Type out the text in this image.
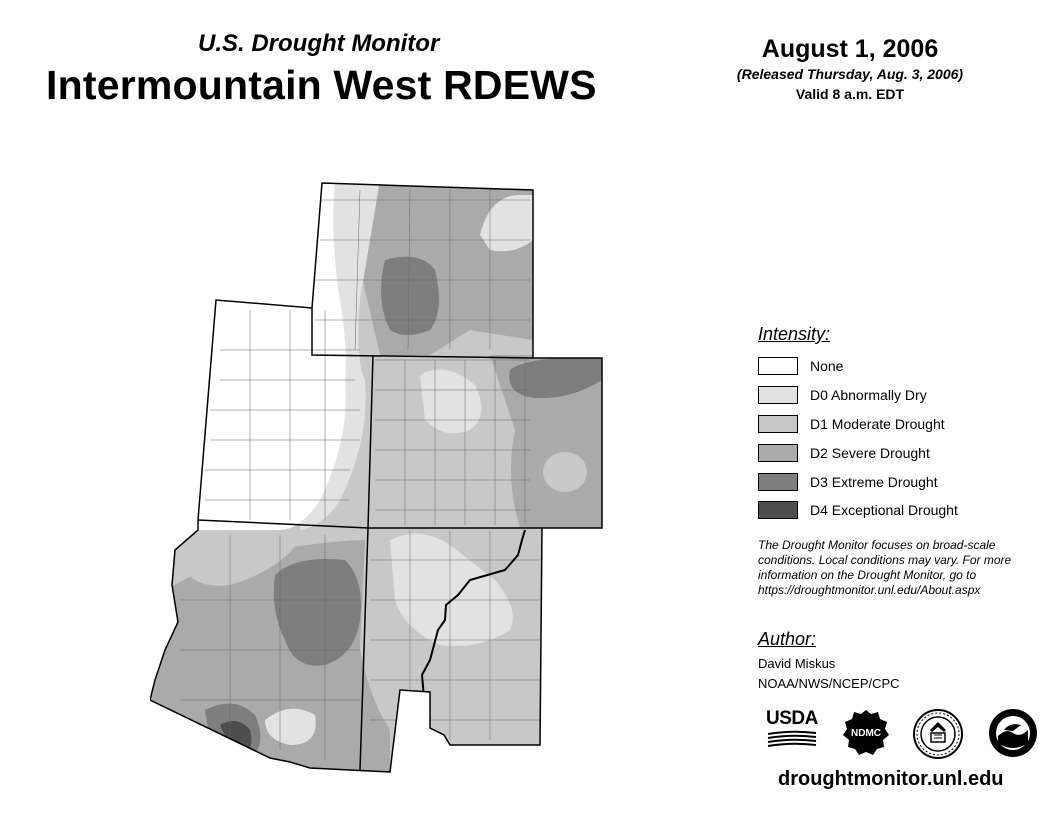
U.S. Drought Monitor
Intermountain West RDEWS
August 1, 2006
(Released Thursday, Aug. 3, 2006)
Valid 8 a.m. EDT
Intensity:
None
D0 Abnormally Dry
D1 Moderate Drought
D2 Severe Drought
D3 Extreme Drought
D4 Exceptional Drought
The Drought Monitor focuses on broad-scale conditions. Local conditions may vary. For more information on the Drought Monitor, go to https://droughtmonitor.unl.edu/About.aspx
Author:
David Miskus
NOAA/NWS/NCEP/CPC
USDA
NDMC
droughtmonitor.unl.edu
